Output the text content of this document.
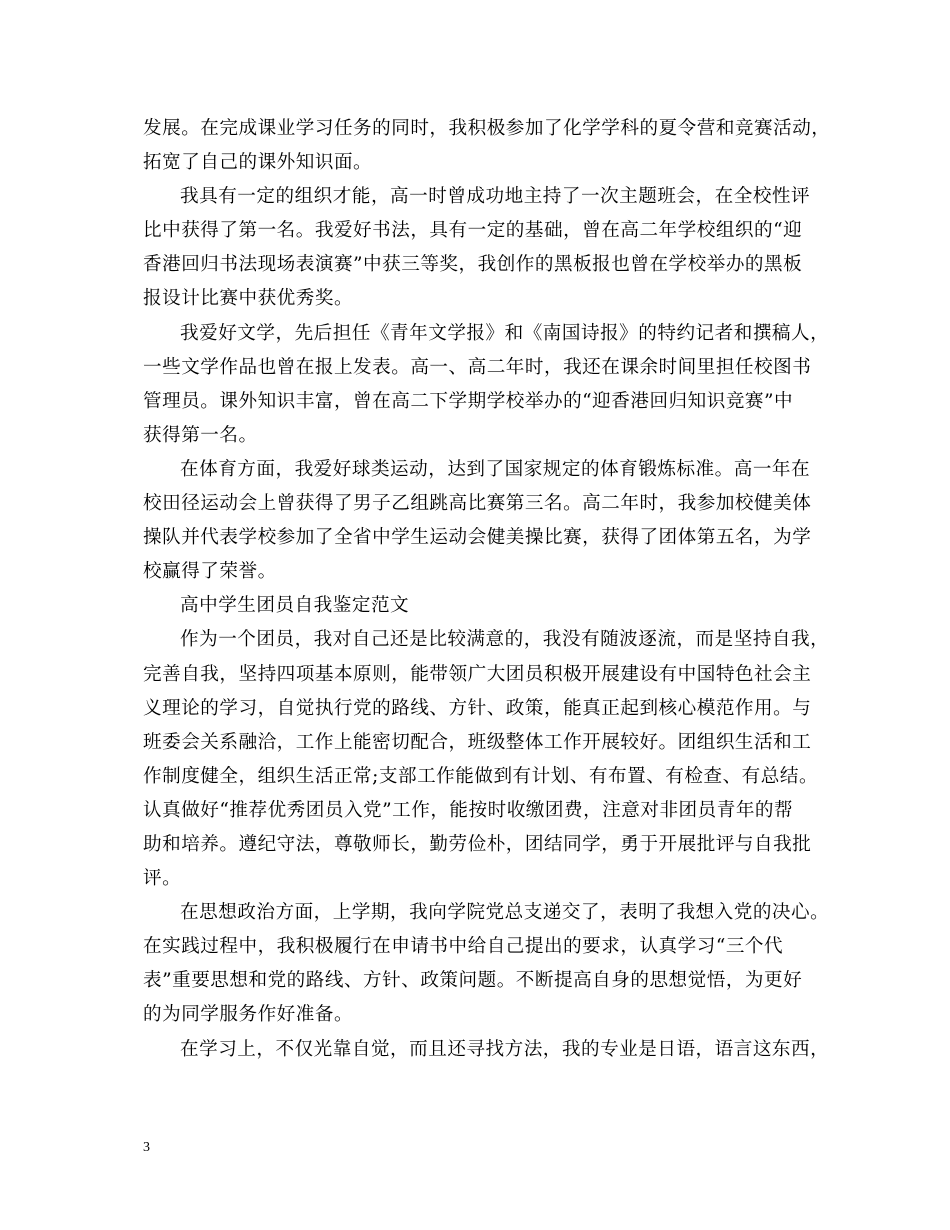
发展。在完成课业学习任务的同时，我积极参加了化学学科的夏令营和竞赛活动，
拓宽了自己的课外知识面。
我具有一定的组织才能，高一时曾成功地主持了一次主题班会，在全校性评
比中获得了第一名。我爱好书法，具有一定的基础，曾在高二年学校组织的“迎
香港回归书法现场表演赛”中获三等奖，我创作的黑板报也曾在学校举办的黑板
报设计比赛中获优秀奖。
我爱好文学，先后担任《青年文学报》和《南国诗报》的特约记者和撰稿人，
一些文学作品也曾在报上发表。高一、高二年时，我还在课余时间里担任校图书
管理员。课外知识丰富，曾在高二下学期学校举办的“迎香港回归知识竞赛”中
获得第一名。
在体育方面，我爱好球类运动，达到了国家规定的体育锻炼标准。高一年在
校田径运动会上曾获得了男子乙组跳高比赛第三名。高二年时，我参加校健美体
操队并代表学校参加了全省中学生运动会健美操比赛，获得了团体第五名，为学
校赢得了荣誉。
高中学生团员自我鉴定范文
作为一个团员，我对自己还是比较满意的，我没有随波逐流，而是坚持自我，
完善自我，坚持四项基本原则，能带领广大团员积极开展建设有中国特色社会主
义理论的学习，自觉执行党的路线、方针、政策，能真正起到核心模范作用。与
班委会关系融洽，工作上能密切配合，班级整体工作开展较好。团组织生活和工
作制度健全，组织生活正常;支部工作能做到有计划、有布置、有检查、有总结。
认真做好“推荐优秀团员入党”工作，能按时收缴团费，注意对非团员青年的帮
助和培养。遵纪守法，尊敬师长，勤劳俭朴，团结同学，勇于开展批评与自我批
评。
在思想政治方面，上学期，我向学院党总支递交了，表明了我想入党的决心。
在实践过程中，我积极履行在申请书中给自己提出的要求，认真学习“三个代
表”重要思想和党的路线、方针、政策问题。不断提高自身的思想觉悟，为更好
的为同学服务作好准备。
在学习上，不仅光靠自觉，而且还寻找方法，我的专业是日语，语言这东西，
3
